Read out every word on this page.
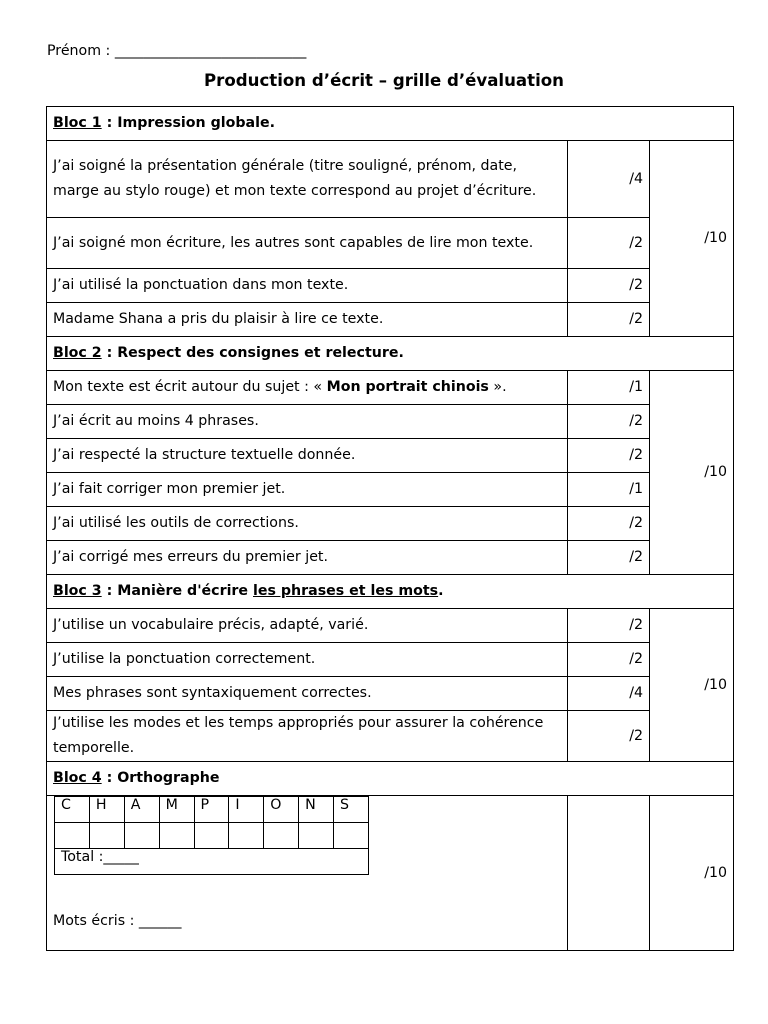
Prénom : ___________________________
Production d’écrit – grille d’évaluation
Bloc 1 : Impression globale.
J’ai soigné la présentation générale (titre souligné, prénom, date, marge au stylo rouge) et mon texte correspond au projet d’écriture.	/4	/10
J’ai soigné mon écriture, les autres sont capables de lire mon texte.	/2
J’ai utilisé la ponctuation dans mon texte.	/2
Madame Shana a pris du plaisir à lire ce texte.	/2
Bloc 2 : Respect des consignes et relecture.
Mon texte est écrit autour du sujet : « Mon portrait chinois ».	/1	/10
J’ai écrit au moins 4 phrases.	/2
J’ai respecté la structure textuelle donnée.	/2
J’ai fait corriger mon premier jet.	/1
J’ai utilisé les outils de corrections.	/2
J’ai corrigé mes erreurs du premier jet.	/2
Bloc 3 : Manière d'écrire les phrases et les mots.
J’utilise un vocabulaire précis, adapté, varié.	/2	/10
J’utilise la ponctuation correctement.	/2
Mes phrases sont syntaxiquement correctes.	/4
J’utilise les modes et les temps appropriés pour assurer la cohérence temporelle.	/2
Bloc 4 : Orthographe

C	H	A	M	P	I	O	N	S

Total :_____
Mots écris : ______
		/10
